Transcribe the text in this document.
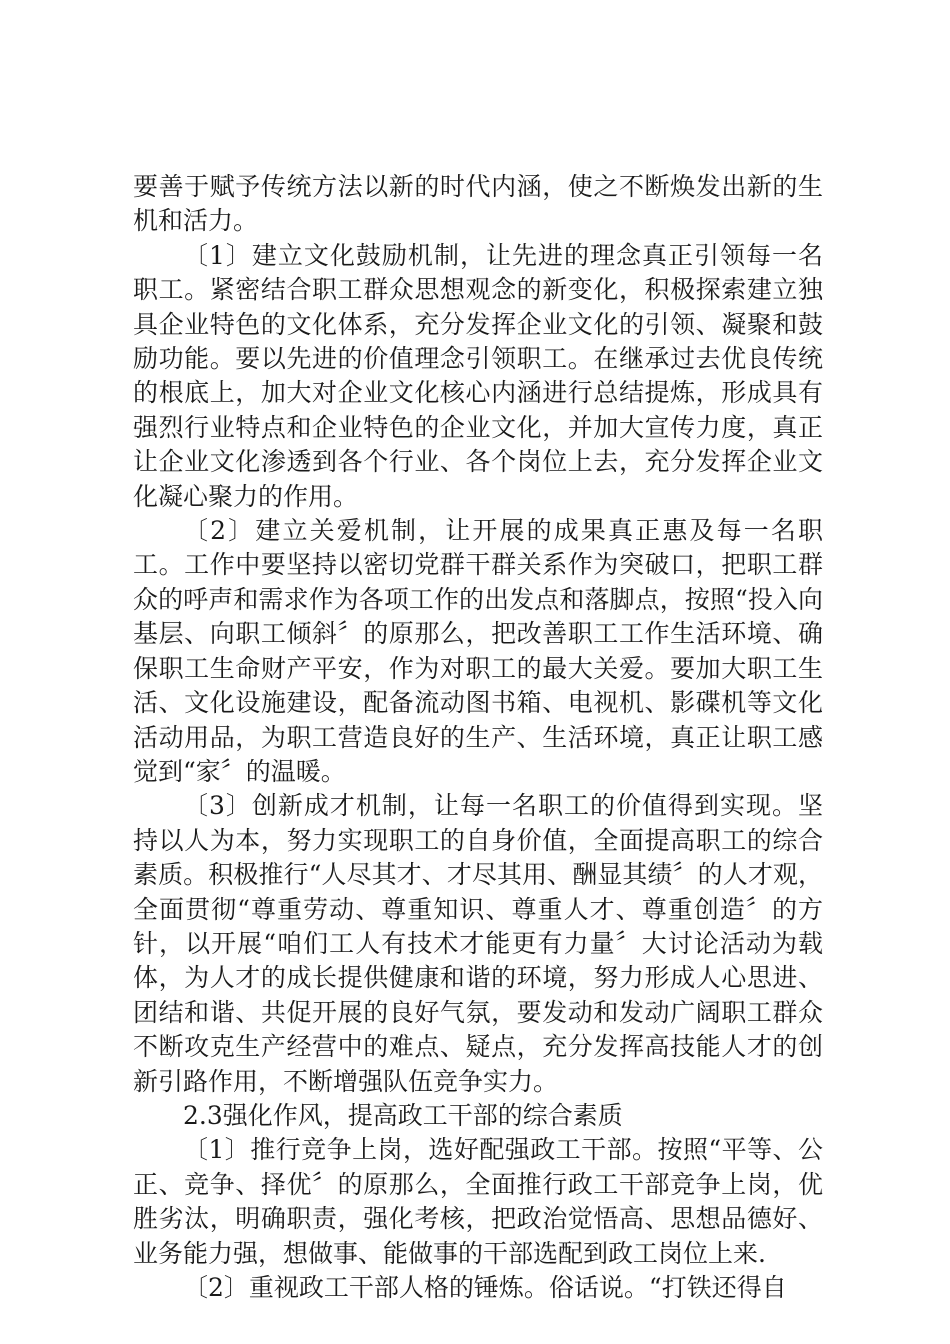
要善于赋予传统方法以新的时代内涵，使之不断焕发出新的生机和活力。

〔1〕建立文化鼓励机制，让先进的理念真正引领每一名职工。紧密结合职工群众思想观念的新变化，积极探索建立独具企业特色的文化体系，充分发挥企业文化的引领、凝聚和鼓励功能。要以先进的价值理念引领职工。在继承过去优良传统的根底上，加大对企业文化核心内涵进行总结提炼，形成具有强烈行业特点和企业特色的企业文化，并加大宣传力度，真正让企业文化渗透到各个行业、各个岗位上去，充分发挥企业文化凝心聚力的作用。

〔2〕建立关爱机制，让开展的成果真正惠及每一名职工。工作中要坚持以密切党群干群关系作为突破口，把职工群众的呼声和需求作为各项工作的出发点和落脚点，按照“投入向基层、向职工倾斜〞的原那么，把改善职工工作生活环境、确保职工生命财产平安，作为对职工的最大关爱。要加大职工生活、文化设施建设，配备流动图书箱、电视机、影碟机等文化活动用品，为职工营造良好的生产、生活环境，真正让职工感觉到“家〞的温暖。

〔3〕创新成才机制，让每一名职工的价值得到实现。坚持以人为本，努力实现职工的自身价值，全面提高职工的综合素质。积极推行“人尽其才、才尽其用、酬显其绩〞的人才观，全面贯彻“尊重劳动、尊重知识、尊重人才、尊重创造〞的方针，以开展“咱们工人有技术才能更有力量〞大讨论活动为载体，为人才的成长提供健康和谐的环境，努力形成人心思进、团结和谐、共促开展的良好气氛，要发动和发动广阔职工群众不断攻克生产经营中的难点、疑点，充分发挥高技能人才的创新引路作用，不断增强队伍竞争实力。

2.3强化作风，提高政工干部的综合素质

〔1〕推行竞争上岗，选好配强政工干部。按照“平等、公正、竞争、择优〞的原那么，全面推行政工干部竞争上岗，优胜劣汰，明确职责，强化考核，把政治觉悟高、思想品德好、业务能力强，想做事、能做事的干部选配到政工岗位上来.

〔2〕重视政工干部人格的锤炼。俗话说。“打铁还得自
